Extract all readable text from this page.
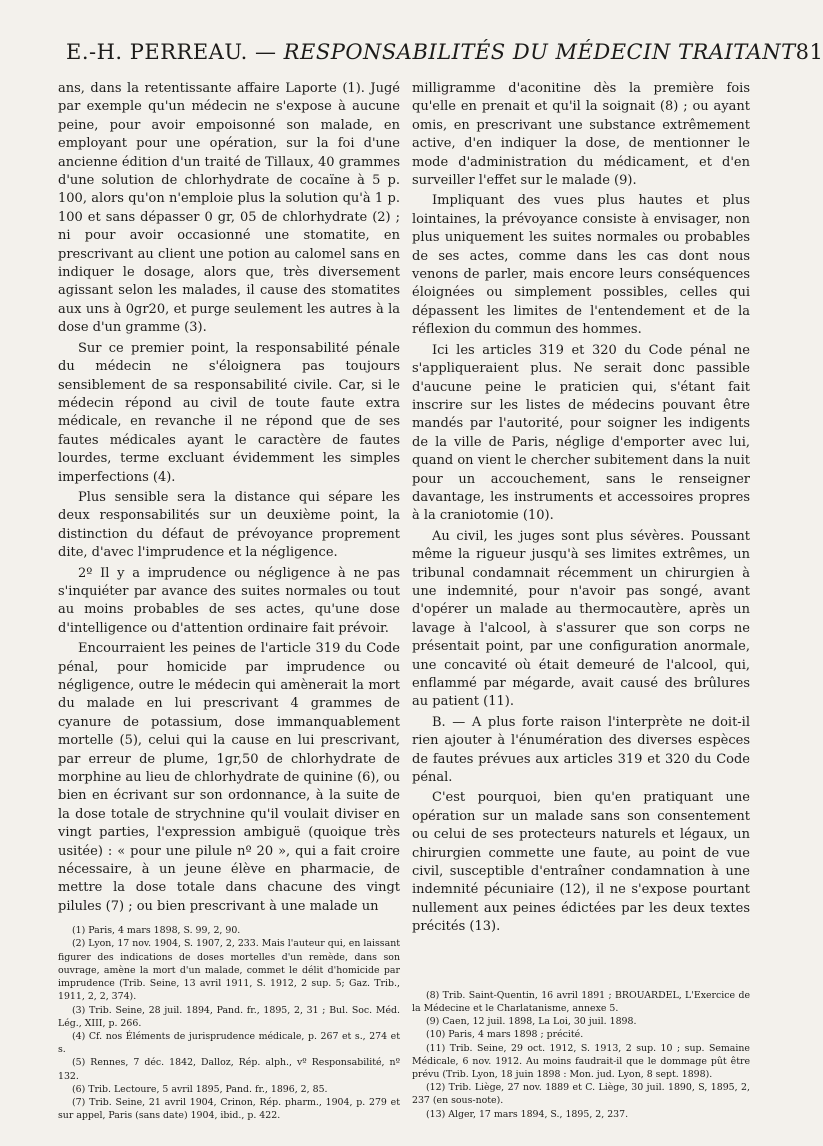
E.-H. PERREAU. — RESPONSABILITÉS DU MÉDECIN TRAITANT 81

ans, dans la retentissante affaire Laporte (1). Jugé par exemple qu'un médecin ne s'expose à aucune peine, pour avoir empoisonné son malade, en employant pour une opération, sur la foi d'une ancienne édition d'un traité de Tillaux, 40 grammes d'une solution de chlorhydrate de cocaïne à 5 p. 100, alors qu'on n'emploie plus la solution qu'à 1 p. 100 et sans dépasser 0 gr, 05 de chlorhydrate (2) ; ni pour avoir occasionné une stomatite, en prescrivant au client une potion au calomel sans en indiquer le dosage, alors que, très diversement agissant selon les malades, il cause des stomatites aux uns à 0gr20, et purge seulement les autres à la dose d'un gramme (3).

Sur ce premier point, la responsabilité pénale du médecin ne s'éloignera pas toujours sensiblement de sa responsabilité civile. Car, si le médecin répond au civil de toute faute extra médicale, en revanche il ne répond que de ses fautes médicales ayant le caractère de fautes lourdes, terme excluant évidemment les simples imperfections (4).

Plus sensible sera la distance qui sépare les deux responsabilités sur un deuxième point, la distinction du défaut de prévoyance proprement dite, d'avec l'imprudence et la négligence.

2º Il y a imprudence ou négligence à ne pas s'inquiéter par avance des suites normales ou tout au moins probables de ses actes, qu'une dose d'intelligence ou d'attention ordinaire fait prévoir.

Encourraient les peines de l'article 319 du Code pénal, pour homicide par imprudence ou négligence, outre le médecin qui amènerait la mort du malade en lui prescrivant 4 grammes de cyanure de potassium, dose immanquablement mortelle (5), celui qui la cause en lui prescrivant, par erreur de plume, 1gr,50 de chlorhydrate de morphine au lieu de chlorhydrate de quinine (6), ou bien en écrivant sur son ordonnance, à la suite de la dose totale de strychnine qu'il voulait diviser en vingt parties, l'expression ambiguë (quoique très usitée) : « pour une pilule nº 20 », qui a fait croire nécessaire, à un jeune élève en pharmacie, de mettre la dose totale dans chacune des vingt pilules (7) ; ou bien prescrivant à une malade un

(1) Paris, 4 mars 1898, S. 99, 2, 90.

(2) Lyon, 17 nov. 1904, S. 1907, 2, 233. Mais l'auteur qui, en laissant figurer des indications de doses mortelles d'un remède, dans son ouvrage, amène la mort d'un malade, commet le délit d'homicide par imprudence (Trib. Seine, 13 avril 1911, S. 1912, 2 sup. 5; Gaz. Trib., 1911, 2, 2, 374).

(3) Trib. Seine, 28 juil. 1894, Pand. fr., 1895, 2, 31 ; Bul. Soc. Méd. Lég., XIII, p. 266.

(4) Cf. nos Éléments de jurisprudence médicale, p. 267 et s., 274 et s.

(5) Rennes, 7 déc. 1842, Dalloz, Rép. alph., vº Responsabilité, nº 132.

(6) Trib. Lectoure, 5 avril 1895, Pand. fr., 1896, 2, 85.

(7) Trib. Seine, 21 avril 1904, Crinon, Rép. pharm., 1904, p. 279 et sur appel, Paris (sans date) 1904, ibid., p. 422.

milligramme d'aconitine dès la première fois qu'elle en prenait et qu'il la soignait (8) ; ou ayant omis, en prescrivant une substance extrêmement active, d'en indiquer la dose, de mentionner le mode d'administration du médicament, et d'en surveiller l'effet sur le malade (9).

Impliquant des vues plus hautes et plus lointaines, la prévoyance consiste à envisager, non plus uniquement les suites normales ou probables de ses actes, comme dans les cas dont nous venons de parler, mais encore leurs conséquences éloignées ou simplement possibles, celles qui dépassent les limites de l'entendement et de la réflexion du commun des hommes.

Ici les articles 319 et 320 du Code pénal ne s'appliqueraient plus. Ne serait donc passible d'aucune peine le praticien qui, s'étant fait inscrire sur les listes de médecins pouvant être mandés par l'autorité, pour soigner les indigents de la ville de Paris, néglige d'emporter avec lui, quand on vient le chercher subitement dans la nuit pour un accouchement, sans le renseigner davantage, les instruments et accessoires propres à la craniotomie (10).

Au civil, les juges sont plus sévères. Poussant même la rigueur jusqu'à ses limites extrêmes, un tribunal condamnait récemment un chirurgien à une indemnité, pour n'avoir pas songé, avant d'opérer un malade au thermocautère, après un lavage à l'alcool, à s'assurer que son corps ne présentait point, par une configuration anormale, une concavité où était demeuré de l'alcool, qui, enflammé par mégarde, avait causé des brûlures au patient (11).

B. — A plus forte raison l'interprète ne doit-il rien ajouter à l'énumération des diverses espèces de fautes prévues aux articles 319 et 320 du Code pénal.

C'est pourquoi, bien qu'en pratiquant une opération sur un malade sans son consentement ou celui de ses protecteurs naturels et légaux, un chirurgien commette une faute, au point de vue civil, susceptible d'entraîner condamnation à une indemnité pécuniaire (12), il ne s'expose pourtant nullement aux peines édictées par les deux textes précités (13).

(8) Trib. Saint-Quentin, 16 avril 1891 ; BROUARDEL, L'Exercice de la Médecine et le Charlatanisme, annexe 5.

(9) Caen, 12 juil. 1898, La Loi, 30 juil. 1898.

(10) Paris, 4 mars 1898 ; précité.

(11) Trib. Seine, 29 oct. 1912, S. 1913, 2 sup. 10 ; sup. Semaine Médicale, 6 nov. 1912. Au moins faudrait-il que le dommage pût être prévu (Trib. Lyon, 18 juin 1898 : Mon. jud. Lyon, 8 sept. 1898).

(12) Trib. Liège, 27 nov. 1889 et C. Liège, 30 juil. 1890, S, 1895, 2, 237 (en sous-note).

(13) Alger, 17 mars 1894, S., 1895, 2, 237.
